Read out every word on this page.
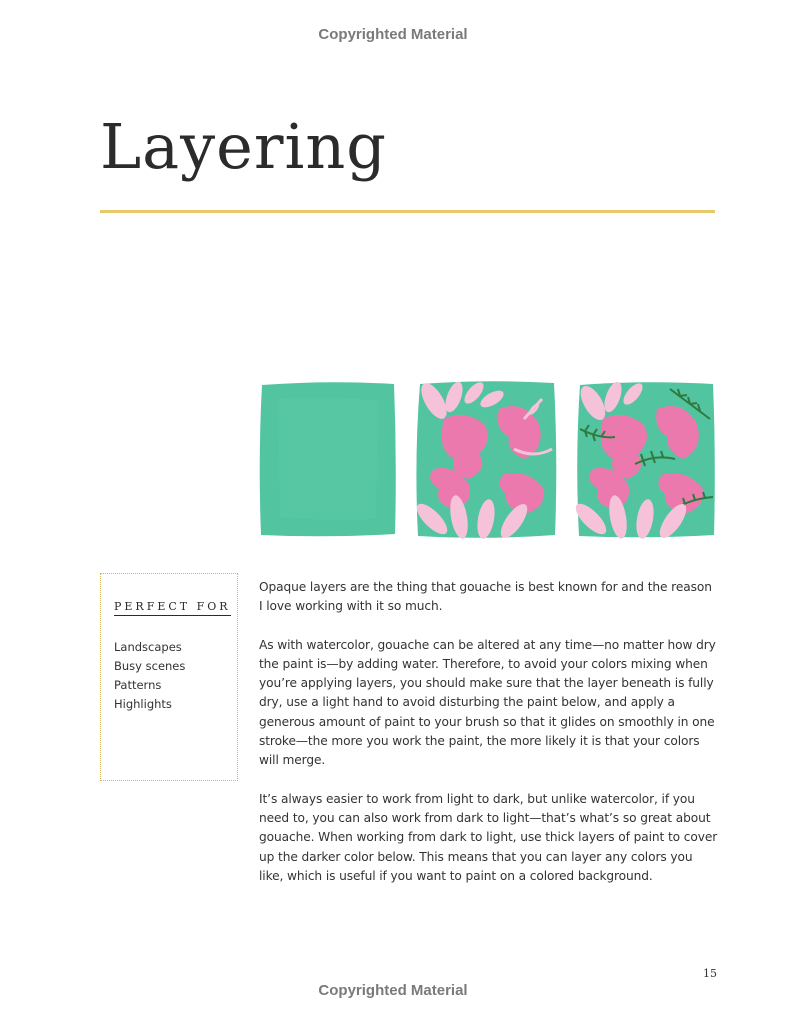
Copyrighted Material
Layering
PERFECT FOR
Landscapes
Busy scenes
Patterns
Highlights

Opaque layers are the thing that gouache is best known for and the reason I love working with it so much.

As with watercolor, gouache can be altered at any time—no matter how dry the paint is—by adding water. Therefore, to avoid your colors mixing when you’re applying layers, you should make sure that the layer beneath is fully dry, use a light hand to avoid disturbing the paint below, and apply a generous amount of paint to your brush so that it glides on smoothly in one stroke—the more you work the paint, the more likely it is that your colors will merge.

It’s always easier to work from light to dark, but unlike watercolor, if you need to, you can also work from dark to light—that’s what’s so great about gouache. When working from dark to light, use thick layers of paint to cover up the darker color below. This means that you can layer any colors you like, which is useful if you want to paint on a colored background.

15
Copyrighted Material
